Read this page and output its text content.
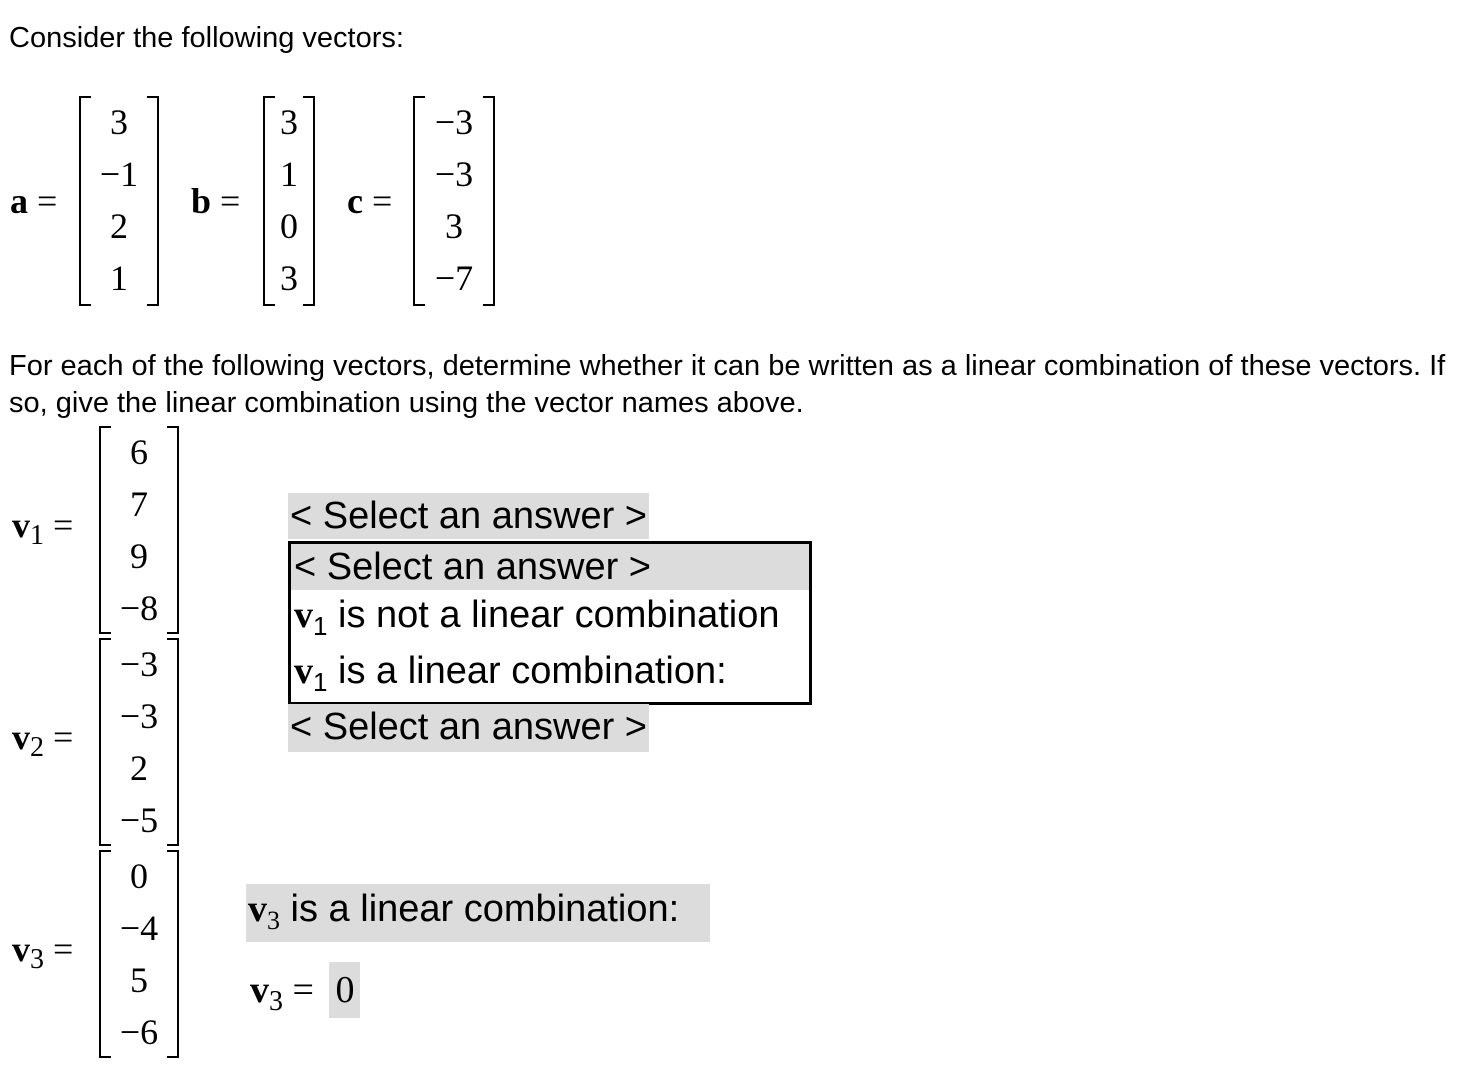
Consider the following vectors:
a =
3
−1
2
1
b =
3
1
0
3
c =
−3
−3
3
−7
For each of the following vectors, determine whether it can be written as a linear combination of these vectors. If so, give the linear combination using the vector names above.
v1 =
6
7
9
−8
v2 =
−3
−3
2
−5
v3 =
0
−4
5
−6
< Select an answer >
< Select an answer >
$v_1$ is not a linear combination
$v_1$ is a linear combination:
< Select an answer >
$v_3$ is a linear combination:
$v_3 = 0$
